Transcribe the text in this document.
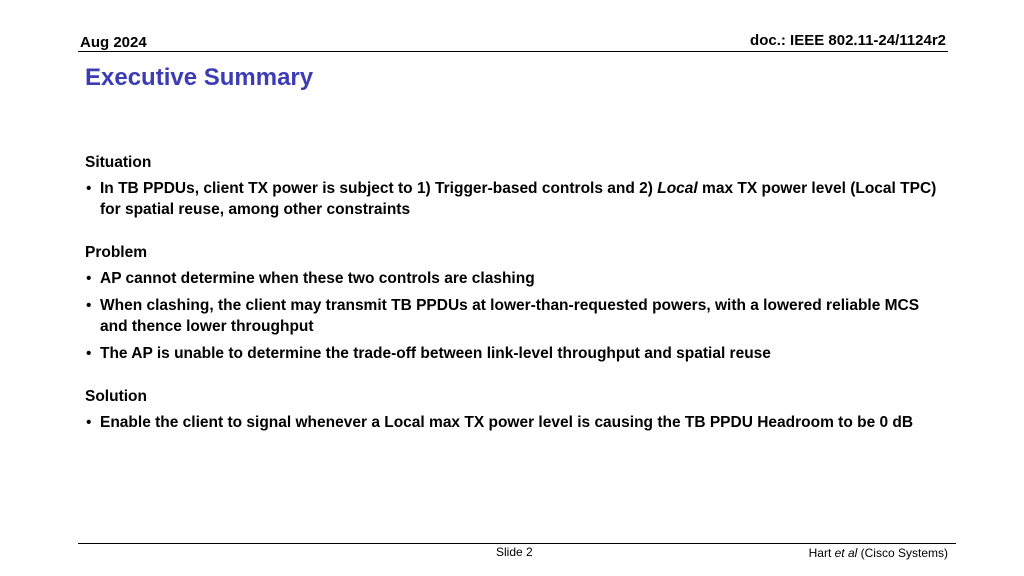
Aug 2024	doc.: IEEE 802.11-24/1124r2
Executive Summary
Situation
• In TB PPDUs, client TX power is subject to 1) Trigger-based controls and 2) Local max TX power level (Local TPC) for spatial reuse, among other constraints
Problem
• AP cannot determine when these two controls are clashing
• When clashing, the client may transmit TB PPDUs at lower-than-requested powers, with a lowered reliable MCS and thence lower throughput
• The AP is unable to determine the trade-off between link-level throughput and spatial reuse
Solution
• Enable the client to signal whenever a Local max TX power level is causing the TB PPDU Headroom to be 0 dB
Slide 2	Hart et al (Cisco Systems)
